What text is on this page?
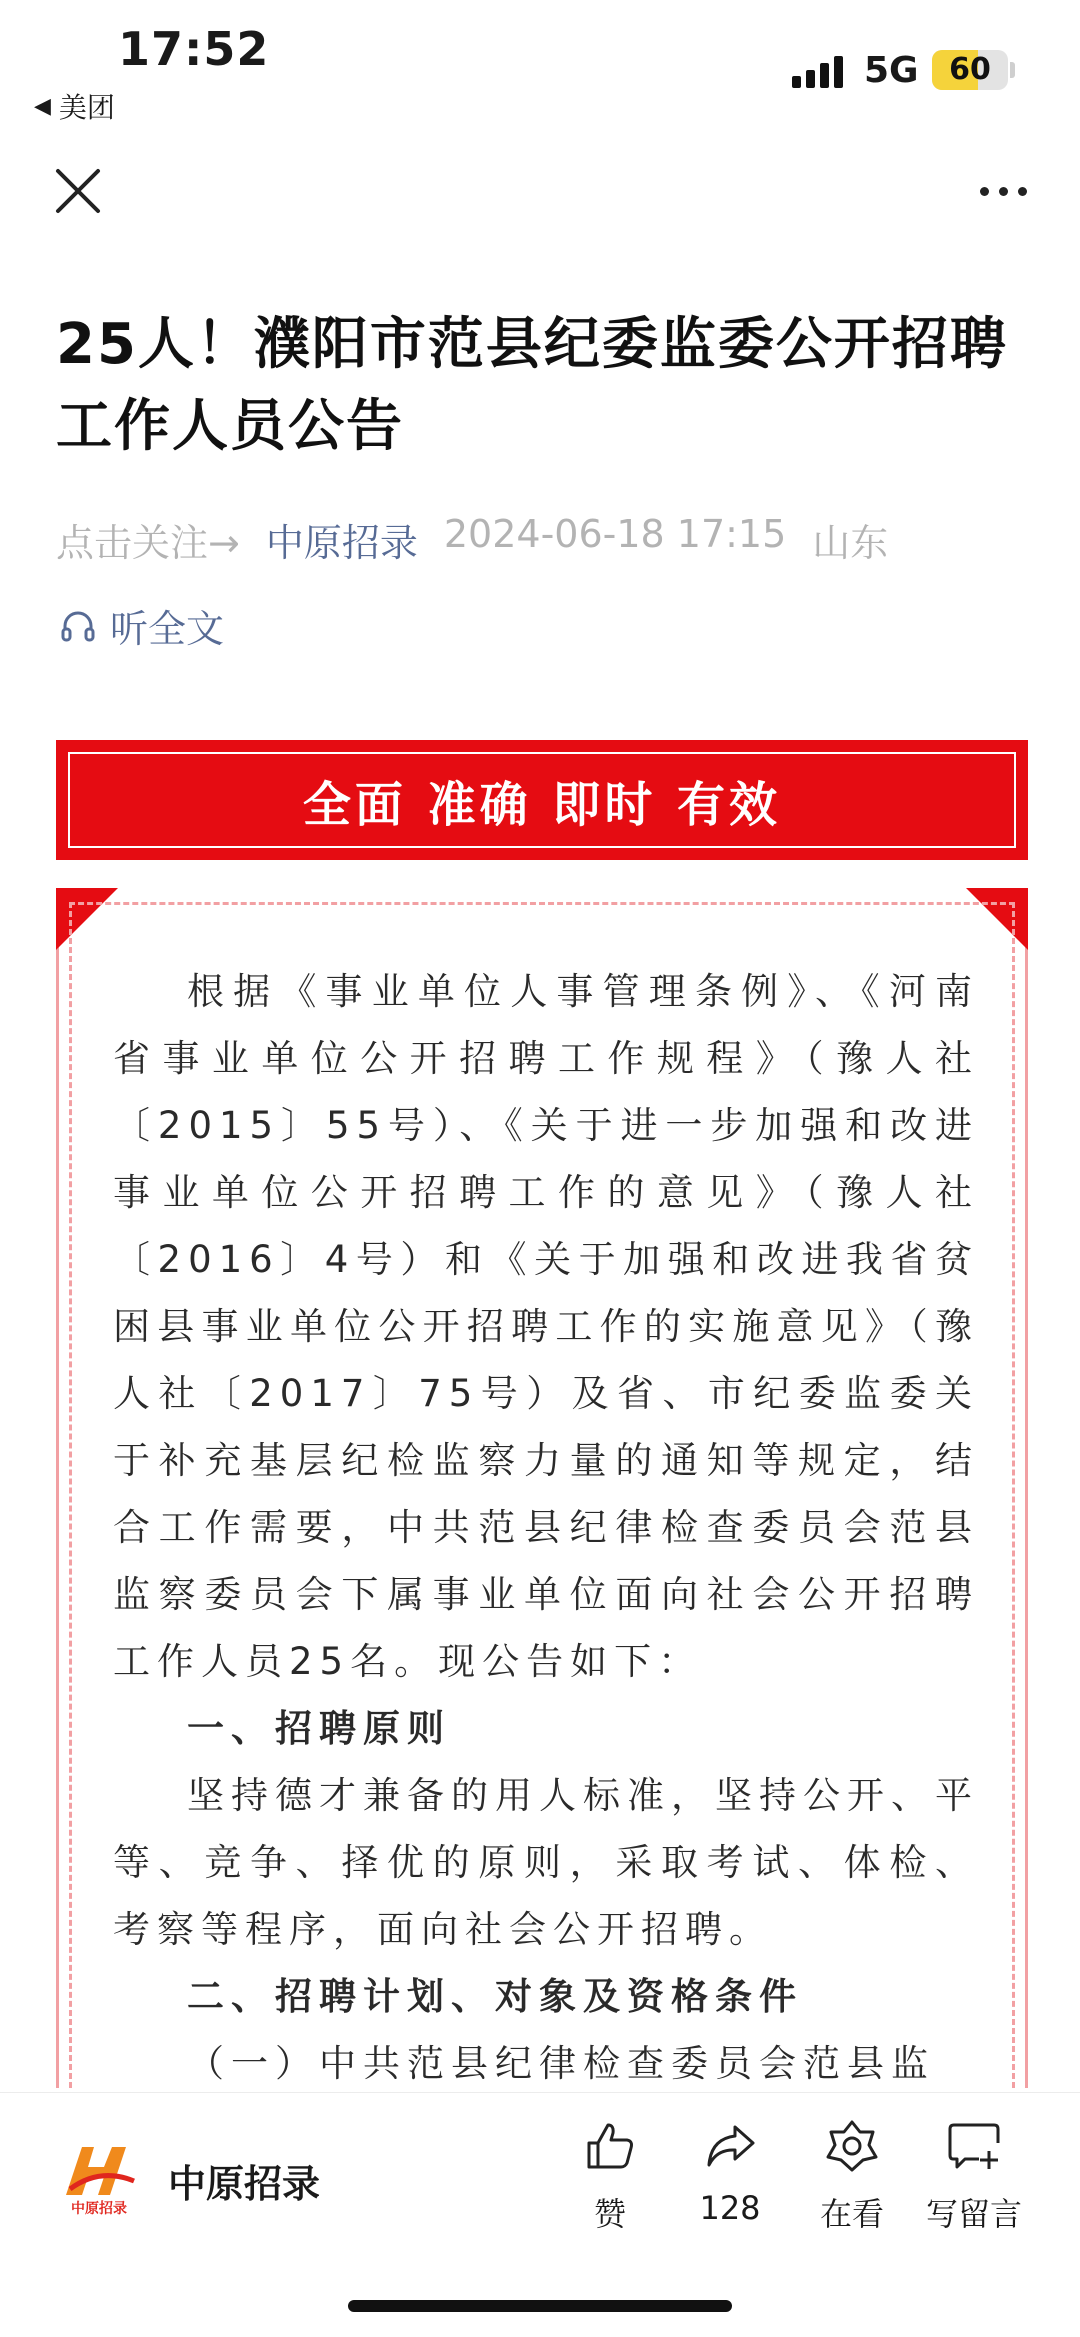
17:52
◀ 美团
5G	60
25人！濮阳市范县纪委监委公开招聘工作人员公告
点击关注→ 中原招录 2024-06-18 17:15 山东
听全文
全面 准确 即时 有效

根据《事业单位人事管理条例》、《河南省事业单位公开招聘工作规程》（豫人社〔2015〕55号）、《关于进一步加强和改进事业单位公开招聘工作的意见》（豫人社〔2016〕4号）和《关于加强和改进我省贫困县事业单位公开招聘工作的实施意见》（豫人社〔2017〕75号）及省、市纪委监委关于补充基层纪检监察力量的通知等规定，结合工作需要，中共范县纪律检查委员会范县监察委员会下属事业单位面向社会公开招聘工作人员25名。现公告如下：

一、招聘原则

坚持德才兼备的用人标准，坚持公开、平等、竞争、择优的原则，采取考试、体检、考察等程序，面向社会公开招聘。

二、招聘计划、对象及资格条件

（一）中共范县纪律检查委员会范县监

中原招录
中原招录
赞 128 在看 写留言
